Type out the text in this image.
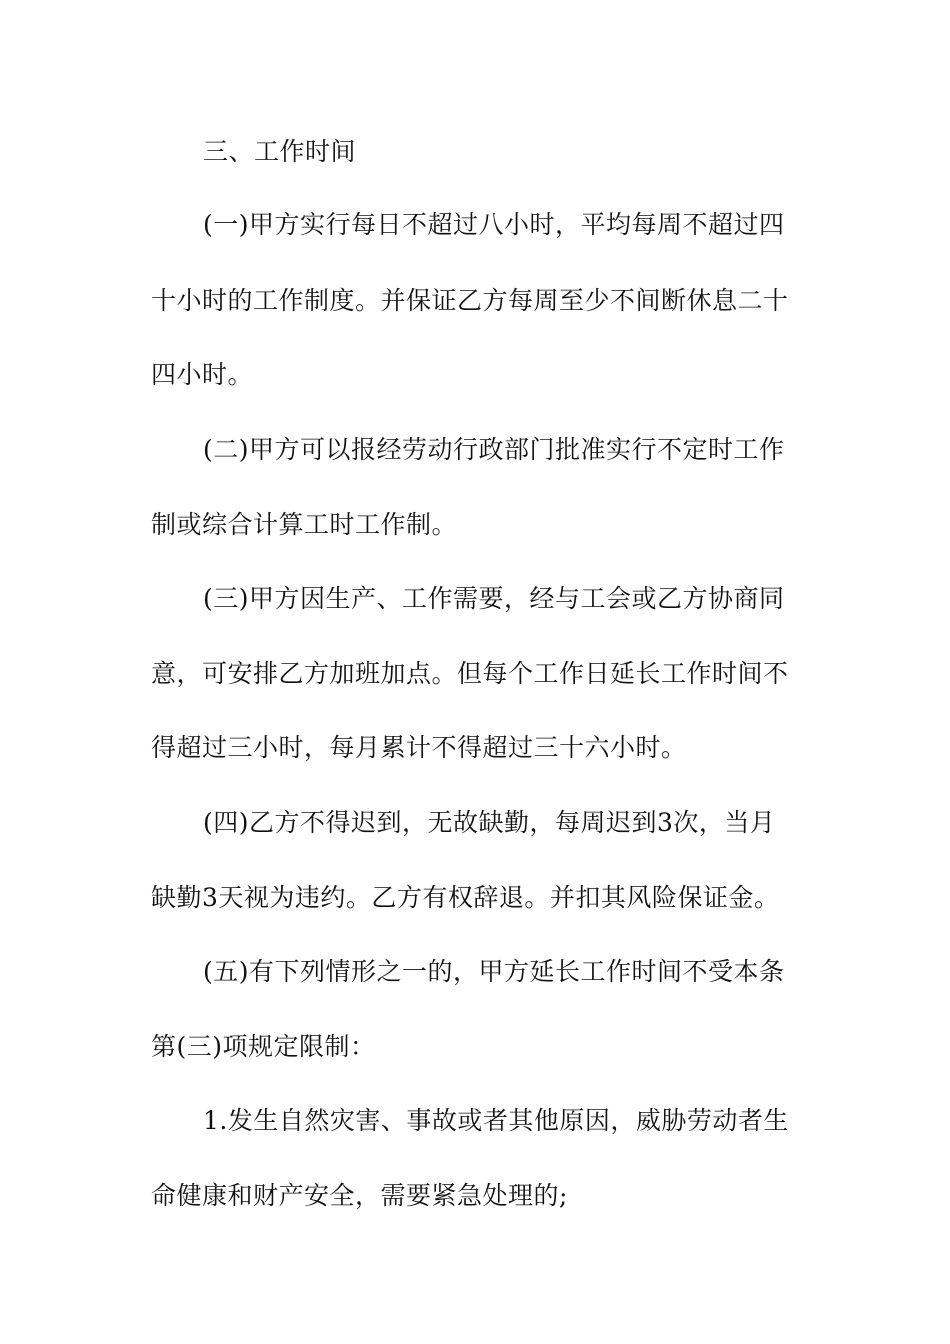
三、工作时间
(一)甲方实行每日不超过八小时，平均每周不超过四
十小时的工作制度。并保证乙方每周至少不间断休息二十
四小时。
(二)甲方可以报经劳动行政部门批准实行不定时工作
制或综合计算工时工作制。
(三)甲方因生产、工作需要，经与工会或乙方协商同
意，可安排乙方加班加点。但每个工作日延长工作时间不
得超过三小时，每月累计不得超过三十六小时。
(四)乙方不得迟到，无故缺勤，每周迟到3次，当月
缺勤3天视为违约。乙方有权辞退。并扣其风险保证金。
(五)有下列情形之一的，甲方延长工作时间不受本条
第(三)项规定限制：
1.发生自然灾害、事故或者其他原因，威胁劳动者生
命健康和财产安全，需要紧急处理的;
